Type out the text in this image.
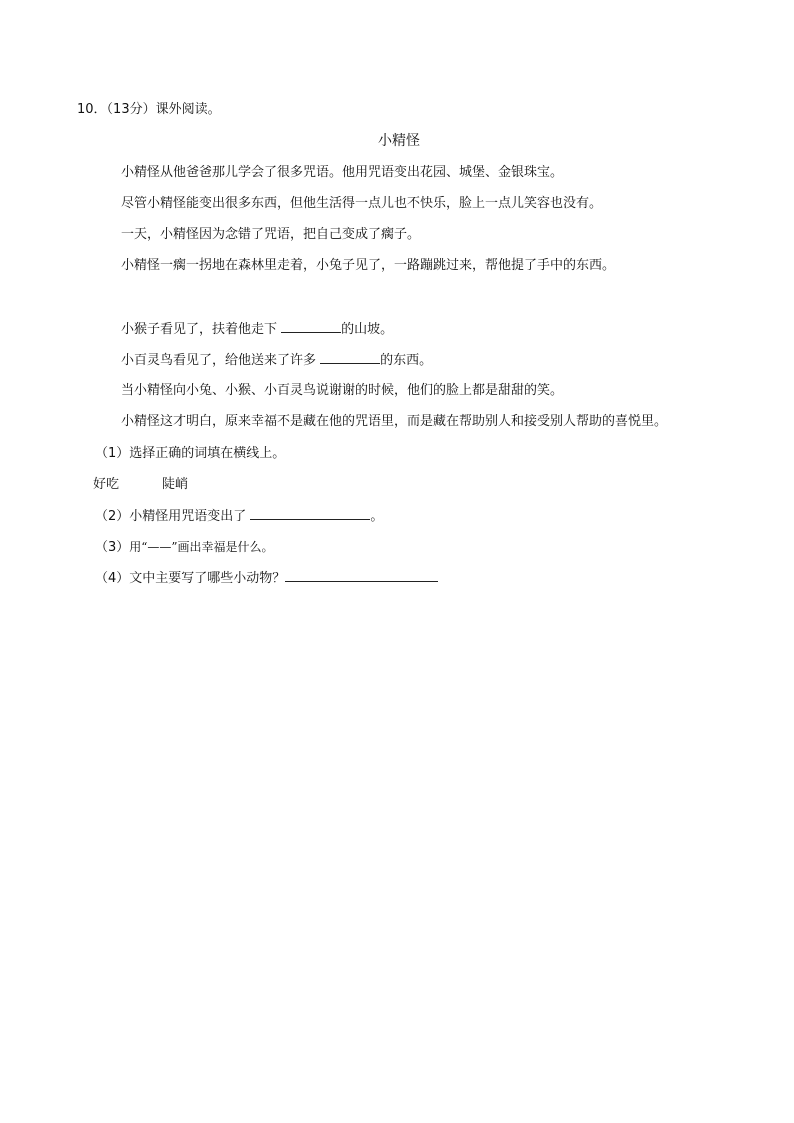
10．（13分）课外阅读。

小精怪

小精怪从他爸爸那儿学会了很多咒语。他用咒语变出花园、城堡、金银珠宝。

尽管小精怪能变出很多东西，但他生活得一点儿也不快乐，脸上一点儿笑容也没有。

一天，小精怪因为念错了咒语，把自己变成了瘸子。

小精怪一瘸一拐地在森林里走着，小兔子见了，一路蹦跳过来，帮他提了手中的东西。

小猴子看见了，扶着他走下	的山坡。

小百灵鸟看见了，给他送来了许多	的东西。

当小精怪向小兔、小猴、小百灵鸟说谢谢的时候，他们的脸上都是甜甜的笑。

小精怪这才明白，原来幸福不是藏在他的咒语里，而是藏在帮助别人和接受别人帮助的喜悦里。

（1）选择正确的词填在横线上。

好吃	陡峭

（2）小精怪用咒语变出了	。

（3）用“——”画出幸福是什么。

（4）文中主要写了哪些小动物？
